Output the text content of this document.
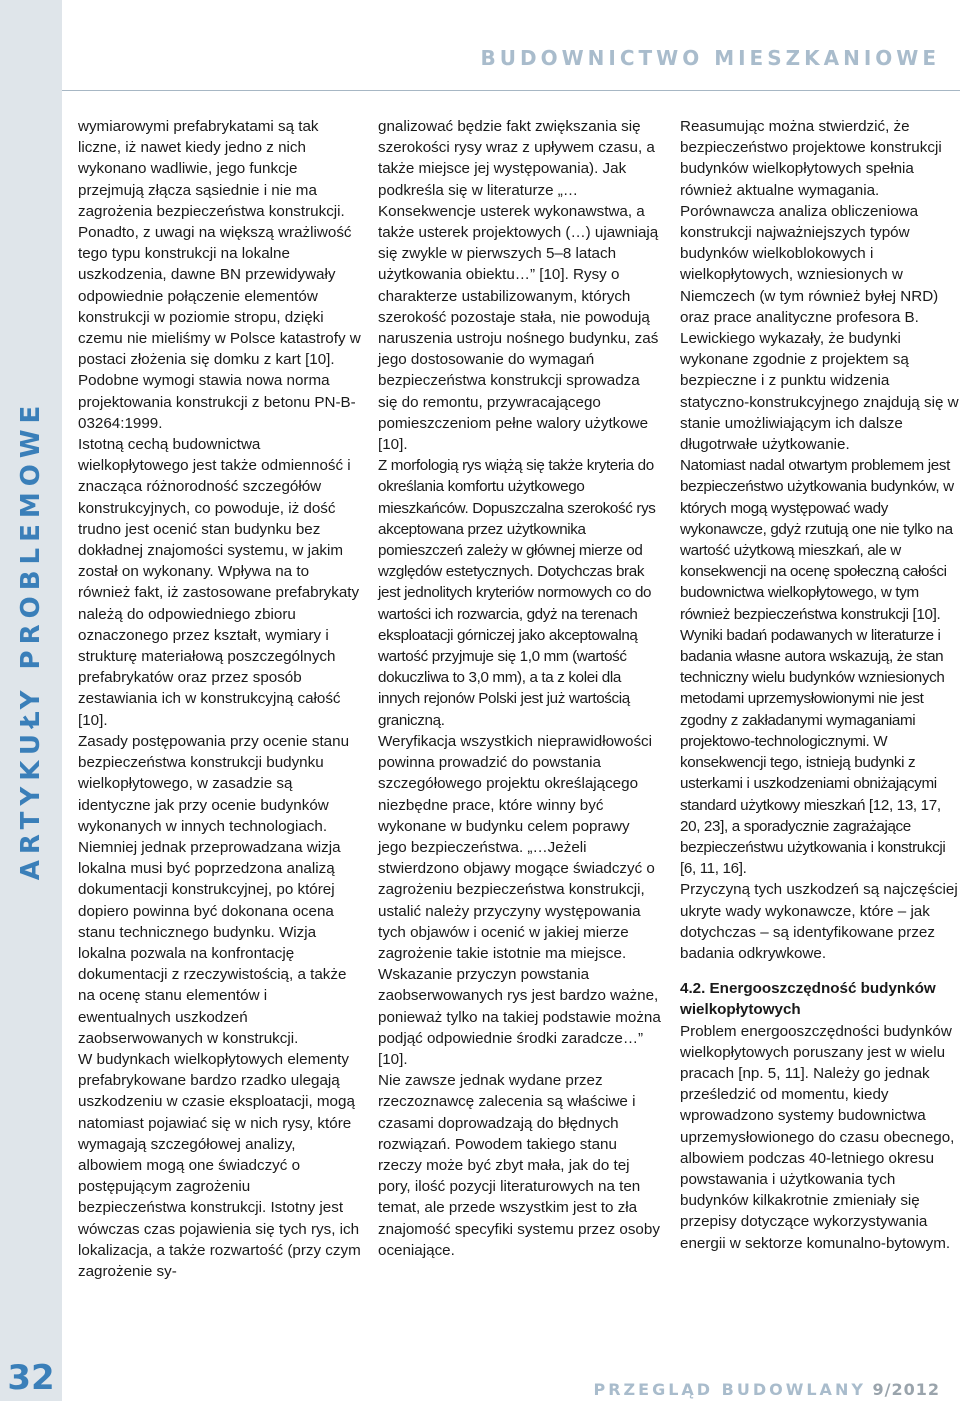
ARTYKUŁY PROBLEMOWE
32
BUDOWNICTWO MIESZKANIOWE

wymiarowymi prefabrykatami są tak liczne, iż nawet kiedy jedno z nich wykonano wadliwie, jego funkcje przejmują złącza sąsiednie i nie ma zagrożenia bezpieczeństwa konstrukcji. Ponadto, z uwagi na większą wrażliwość tego typu konstrukcji na lokalne uszkodzenia, dawne BN przewidywały odpowiednie połączenie elementów konstrukcji w poziomie stropu, dzięki czemu nie mieliśmy w Polsce katastrofy w postaci złożenia się domku z kart [10]. Podobne wymogi stawia nowa norma projektowania konstrukcji z betonu PN-B-03264:1999.

Istotną cechą budownictwa wielkopłytowego jest także odmienność i znacząca różnorodność szczegółów konstrukcyjnych, co powoduje, iż dość trudno jest ocenić stan budynku bez dokładnej znajomości systemu, w jakim został on wykonany. Wpływa na to również fakt, iż zastosowane prefabrykaty należą do odpowiedniego zbioru oznaczonego przez kształt, wymiary i strukturę materiałową poszczególnych prefabrykatów oraz przez sposób zestawiania ich w konstrukcyjną całość [10].

Zasady postępowania przy ocenie stanu bezpieczeństwa konstrukcji budynku wielkopłytowego, w zasadzie są identyczne jak przy ocenie budynków wykonanych w innych technologiach. Niemniej jednak przeprowadzana wizja lokalna musi być poprzedzona analizą dokumentacji konstrukcyjnej, po której dopiero powinna być dokonana ocena stanu technicznego budynku. Wizja lokalna pozwala na konfrontację dokumentacji z rzeczywistością, a także na ocenę stanu elementów i ewentualnych uszkodzeń zaobserwowanych w konstrukcji.

W budynkach wielkopłytowych elementy prefabrykowane bardzo rzadko ulegają uszkodzeniu w czasie eksploatacji, mogą natomiast pojawiać się w nich rysy, które wymagają szczegółowej analizy, albowiem mogą one świadczyć o postępującym zagrożeniu bezpieczeństwa konstrukcji. Istotny jest wówczas czas pojawienia się tych rys, ich lokalizacja, a także rozwartość (przy czym zagrożenie sy-

gnalizować będzie fakt zwiększania się szerokości rysy wraz z upływem czasu, a także miejsce jej występowania). Jak podkreśla się w literaturze „…Konsekwencje usterek wykonawstwa, a także usterek projektowych (…) ujawniają się zwykle w pierwszych 5–8 latach użytkowania obiektu…” [10]. Rysy o charakterze ustabilizowanym, których szerokość pozostaje stała, nie powodują naruszenia ustroju nośnego budynku, zaś jego dostosowanie do wymagań bezpieczeństwa konstrukcji sprowadza się do remontu, przywracającego pomieszczeniom pełne walory użytkowe [10].

Z morfologią rys wiążą się także kryteria do określania komfortu użytkowego mieszkańców. Dopuszczalna szerokość rys akceptowana przez użytkownika pomieszczeń zależy w głównej mierze od względów estetycznych. Dotychczas brak jest jednolitych kryteriów normowych co do wartości ich rozwarcia, gdyż na terenach eksploatacji górniczej jako akceptowalną wartość przyjmuje się 1,0 mm (wartość dokuczliwa to 3,0 mm), a ta z kolei dla innych rejonów Polski jest już wartością graniczną.

Weryfikacja wszystkich nieprawidłowości powinna prowadzić do powstania szczegółowego projektu określającego niezbędne prace, które winny być wykonane w budynku celem poprawy jego bezpieczeństwa. „…Jeżeli stwierdzono objawy mogące świadczyć o zagrożeniu bezpieczeństwa konstrukcji, ustalić należy przyczyny występowania tych objawów i ocenić w jakiej mierze zagrożenie takie istotnie ma miejsce. Wskazanie przyczyn powstania zaobserwowanych rys jest bardzo ważne, ponieważ tylko na takiej podstawie można podjąć odpowiednie środki zaradcze…” [10].

Nie zawsze jednak wydane przez rzeczoznawcę zalecenia są właściwe i czasami doprowadzają do błędnych rozwiązań. Powodem takiego stanu rzeczy może być zbyt mała, jak do tej pory, ilość pozycji literaturowych na ten temat, ale przede wszystkim jest to zła znajomość specyfiki systemu przez osoby oceniające.

Reasumując można stwierdzić, że bezpieczeństwo projektowe konstrukcji budynków wielkopłytowych spełnia również aktualne wymagania. Porównawcza analiza obliczeniowa konstrukcji najważniejszych typów budynków wielkoblokowych i wielkopłytowych, wzniesionych w Niemczech (w tym również byłej NRD) oraz prace analityczne profesora B. Lewickiego wykazały, że budynki wykonane zgodnie z projektem są bezpieczne i z punktu widzenia statyczno-konstrukcyjnego znajdują się w stanie umożliwiającym ich dalsze długotrwałe użytkowanie.

Natomiast nadal otwartym problemem jest bezpieczeństwo użytkowania budynków, w których mogą występować wady wykonawcze, gdyż rzutują one nie tylko na wartość użytkową mieszkań, ale w konsekwencji na ocenę społeczną całości budownictwa wielkopłytowego, w tym również bezpieczeństwa konstrukcji [10].

Wyniki badań podawanych w literaturze i badania własne autora wskazują, że stan techniczny wielu budynków wzniesionych metodami uprzemysłowionymi nie jest zgodny z zakładanymi wymaganiami projektowo-technologicznymi. W konsekwencji tego, istnieją budynki z usterkami i uszkodzeniami obniżającymi standard użytkowy mieszkań [12, 13, 17, 20, 23], a sporadycznie zagrażające bezpieczeństwu użytkowania i konstrukcji [6, 11, 16].

Przyczyną tych uszkodzeń są najczęściej ukryte wady wykonawcze, które – jak dotychczas – są identyfikowane przez badania odkrywkowe.

4.2. Energooszczędność budynków wielkopłytowych

Problem energooszczędności budynków wielkopłytowych poruszany jest w wielu pracach [np. 5, 11]. Należy go jednak prześledzić od momentu, kiedy wprowadzono systemy budownictwa uprzemysłowionego do czasu obecnego, albowiem podczas 40-letniego okresu powstawania i użytkowania tych budynków kilkakrotnie zmieniały się przepisy dotyczące wykorzystywania energii w sektorze komunalno-bytowym.

PRZEGLĄD BUDOWLANY 9/2012
